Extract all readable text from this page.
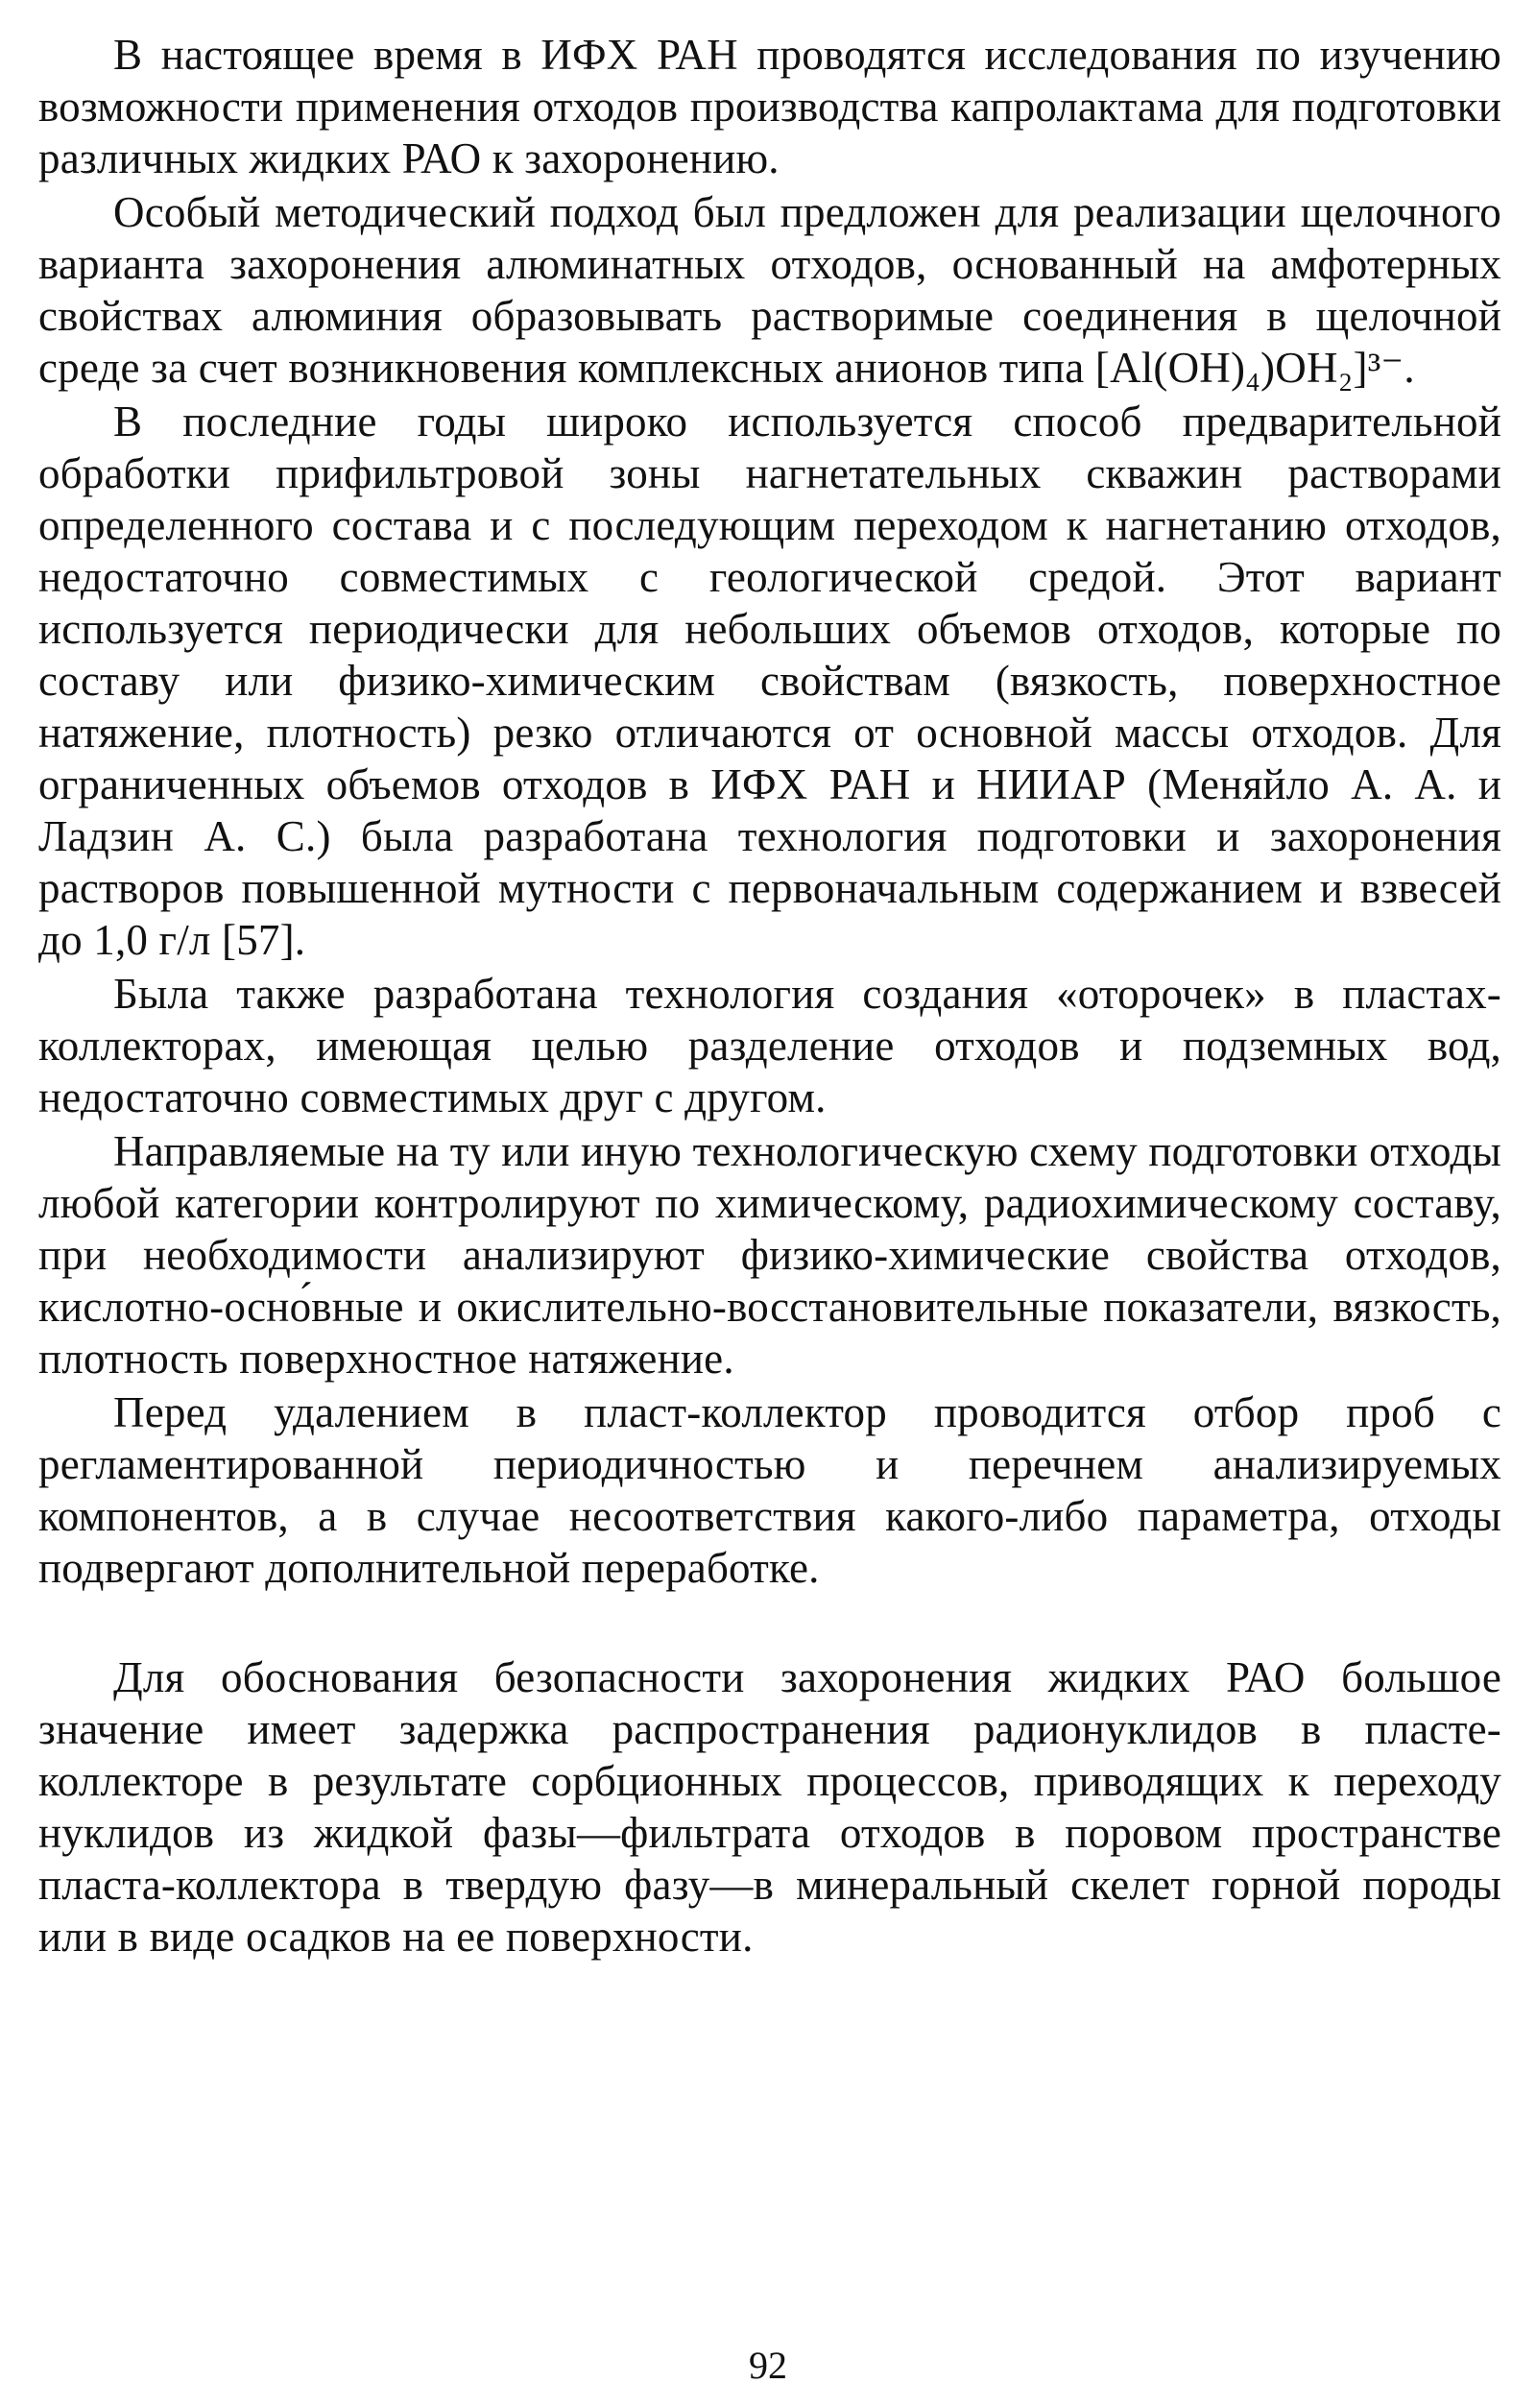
В настоящее время в ИФХ РАН проводятся исследования по изучению возможности применения отходов производства капролактама для подготовки различных жидких РАО к захоронению.

Особый методический подход был предложен для реализации щелочного варианта захоронения алюминатных отходов, основанный на амфотерных свойствах алюминия образовывать растворимые соединения в щелочной среде за счет возникновения комплексных анионов типа [Al(OH)₄)OH₂]³⁻.

В последние годы широко используется способ предварительной обработки прифильтровой зоны нагнетательных скважин растворами определенного состава и с последующим переходом к нагнетанию отходов, недостаточно совместимых с геологической средой. Этот вариант используется периодически для небольших объемов отходов, которые по составу или физико-химическим свойствам (вязкость, поверхностное натяжение, плотность) резко отличаются от основной массы отходов. Для ограниченных объемов отходов в ИФХ РАН и НИИАР (Меняйло А. А. и Ладзин А. С.) была разработана технология подготовки и захоронения растворов повышенной мутности с первоначальным содержанием и взвесей до 1,0 г/л [57].

Была также разработана технология создания «оторочек» в пластах-коллекторах, имеющая целью разделение отходов и подземных вод, недостаточно совместимых друг с другом.

Направляемые на ту или иную технологическую схему подготовки отходы любой категории контролируют по химическому, радиохимическому составу, при необходимости анализируют физико-химические свойства отходов, кислотно-осно́вные и окислительно-восстановительные показатели, вязкость, плотность поверхностное натяжение.

Перед удалением в пласт-коллектор проводится отбор проб с регламентированной периодичностью и перечнем анализируемых компонентов, а в случае несоответствия какого-либо параметра, отходы подвергают дополнительной переработке.

Для обоснования безопасности захоронения жидких РАО большое значение имеет задержка распространения радионуклидов в пласте-коллекторе в результате сорбционных процессов, приводящих к переходу нуклидов из жидкой фазы—фильтрата отходов в поровом пространстве пласта-коллектора в твердую фазу—в минеральный скелет горной породы или в виде осадков на ее поверхности.

92
